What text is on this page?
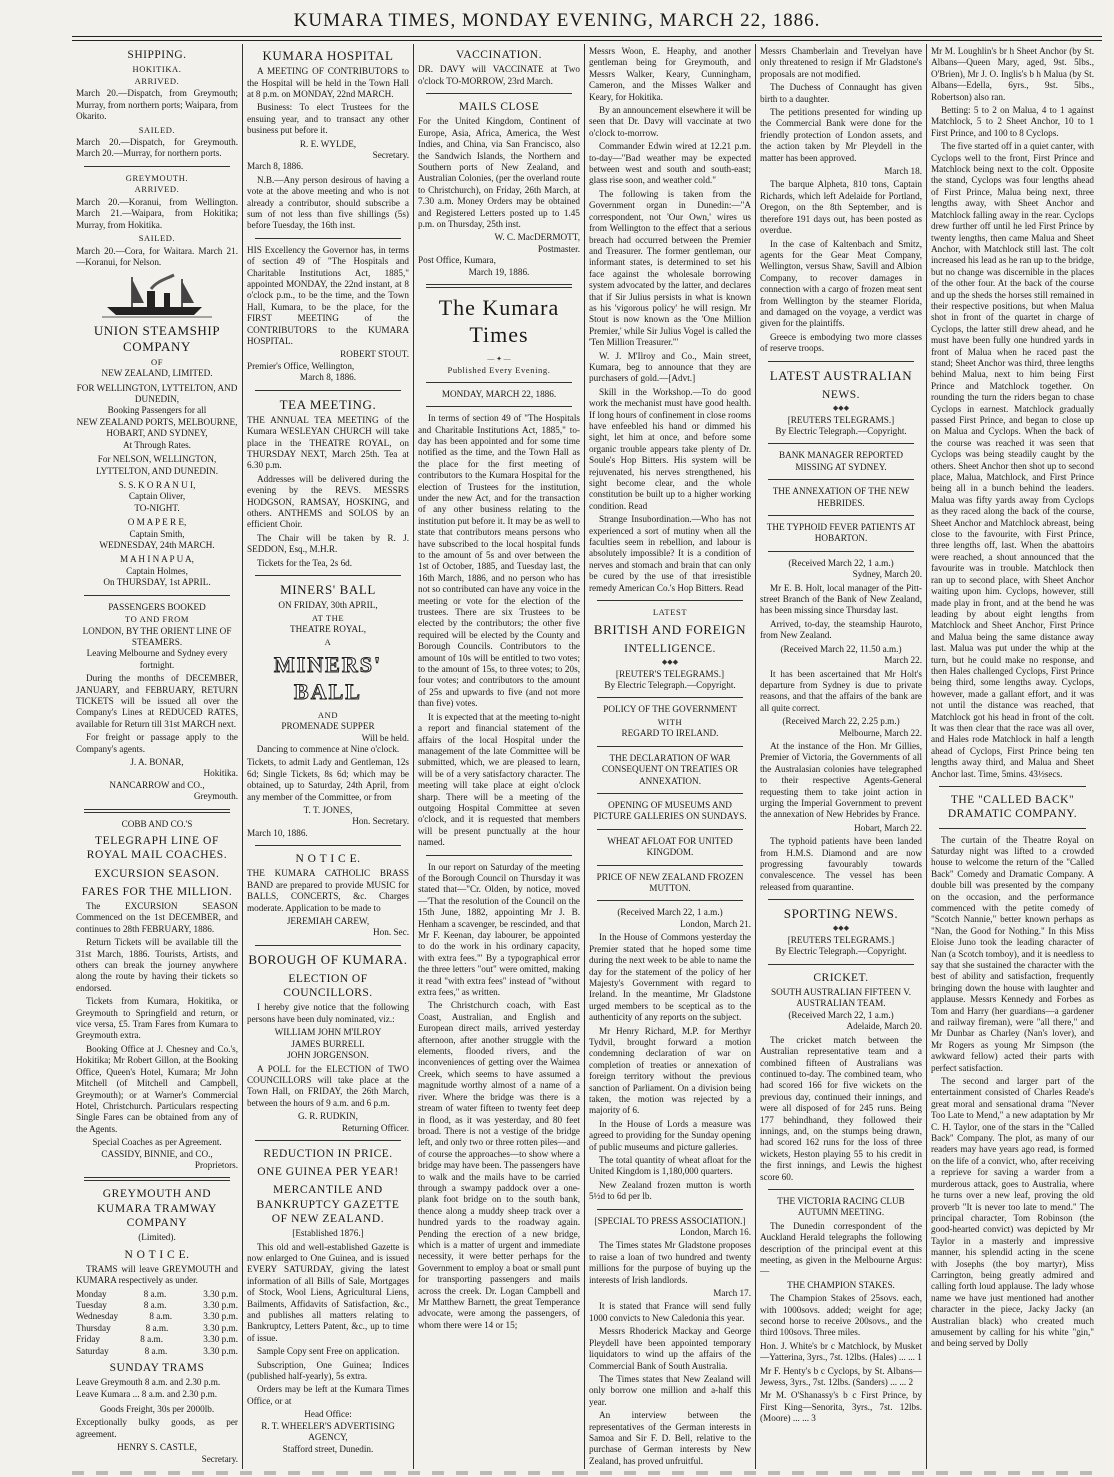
KUMARA TIMES, MONDAY EVENING, MARCH 22, 1886.
SHIPPING.
HOKITIKA.
ARRIVED.

March 20.—Dispatch, from Greymouth; Murray, from northern ports; Waipara, from Okarito.

SAILED.

March 20.—Dispatch, for Greymouth. March 20.—Murray, for northern ports.

GREYMOUTH.
ARRIVED.

March 20.—Koranui, from Wellington. March 21.—Waipara, from Hokitika; Murray, from Hokitika.

SAILED.

March 20.—Cora, for Waitara. March 21.—Koranui, for Nelson.

UNION STEAMSHIP COMPANY
OF
NEW ZEALAND, LIMITED.
FOR WELLINGTON, LYTTELTON, AND DUNEDIN,
Booking Passengers for all
NEW ZEALAND PORTS, MELBOURNE, HOBART, AND SYDNEY,
At Through Rates.
For NELSON, WELLINGTON, LYTTELTON, AND DUNEDIN.
S. S. K O R A N U I,
Captain Oliver,
TO-NIGHT.
O M A P E R E,
Captain Smith,
WEDNESDAY, 24th MARCH.
M A H I N A P U A,
Captain Holmes,
On THURSDAY, 1st APRIL.
PASSENGERS BOOKED
TO AND FROM
LONDON, BY THE ORIENT LINE OF STEAMERS.
Leaving Melbourne and Sydney every fortnight.

During the months of DECEMBER, JANUARY, and FEBRUARY, RETURN TICKETS will be issued all over the Company's Lines at REDUCED RATES, available for Return till 31st MARCH next.

For freight or passage apply to the Company's agents.

J. A. BONAR,
Hokitika.
NANCARROW and CO.,
Greymouth.
COBB AND CO.'S
TELEGRAPH LINE OF ROYAL MAIL COACHES.
EXCURSION SEASON.
FARES FOR THE MILLION.

The EXCURSION SEASON Commenced on the 1st DECEMBER, and continues to 28th FEBRUARY, 1886.

Return Tickets will be available till the 31st March, 1886. Tourists, Artists, and others can break the journey anywhere along the route by having their tickets so endorsed.

Tickets from Kumara, Hokitika, or Greymouth to Springfield and return, or vice versa, £5. Tram Fares from Kumara to Greymouth extra.

Booking Office at J. Chesney and Co.'s, Hokitika; Mr Robert Gillon, at the Booking Office, Queen's Hotel, Kumara; Mr John Mitchell (of Mitchell and Campbell, Greymouth); or at Warner's Commercial Hotel, Christchurch. Particulars respecting Single Fares can be obtained from any of the Agents.

Special Coaches as per Agreement.
CASSIDY, BINNIE, and CO.,
Proprietors.
GREYMOUTH AND KUMARA TRAMWAY COMPANY
(Limited).
N O T I C E.

TRAMS will leave GREYMOUTH and KUMARA respectively as under.

Monday	8 a.m.	3.30 p.m.
Tuesday	8 a.m.	3.30 p.m.
Wednesday	8 a.m.	3.30 p.m.
Thursday	8 a.m.	3.30 p.m.
Friday	8 a.m.	3.30 p.m.
Saturday	8 a.m.	3.30 p.m.
SUNDAY TRAMS
Leave Greymouth 8 a.m. and 2.30 p.m.
Leave Kumara ... 8 a.m. and 2.30 p.m.
Goods Freight, 30s per 2000lb.

Exceptionally bulky goods, as per agreement.

HENRY S. CASTLE,
Secretary.
KUMARA HOSPITAL

A MEETING OF CONTRIBUTORS to the Hospital will be held in the Town Hall at 8 p.m. on MONDAY, 22nd MARCH.

Business: To elect Trustees for the ensuing year, and to transact any other business put before it.

R. E. WYLDE,
Secretary.
March 8, 1886.

N.B.—Any person desirous of having a vote at the above meeting and who is not already a contributor, should subscribe a sum of not less than five shillings (5s) before Tuesday, the 16th inst.

HIS Excellency the Governor has, in terms of section 49 of "The Hospitals and Charitable Institutions Act, 1885," appointed MONDAY, the 22nd instant, at 8 o'clock p.m., to be the time, and the Town Hall, Kumara, to be the place, for the FIRST MEETING of the CONTRIBUTORS to the KUMARA HOSPITAL.

ROBERT STOUT.
Premier's Office, Wellington,
March 8, 1886.
TEA MEETING.

THE ANNUAL TEA MEETING of the Kumara WESLEYAN CHURCH will take place in the THEATRE ROYAL, on THURSDAY NEXT, March 25th. Tea at 6.30 p.m.

Addresses will be delivered during the evening by the REVS. MESSRS HODGSON, RAMSAY, HOSKING, and others. ANTHEMS and SOLOS by an efficient Choir.

The Chair will be taken by R. J. SEDDON, Esq., M.H.R.

Tickets for the Tea, 2s 6d.

MINERS' BALL
ON FRIDAY, 30th APRIL,
AT THE
THEATRE ROYAL,
A
MINERS' BALL
AND
PROMENADE SUPPER
Will be held.
Dancing to commence at Nine o'clock.

Tickets, to admit Lady and Gentleman, 12s 6d; Single Tickets, 8s 6d; which may be obtained, up to Saturday, 24th April, from any member of the Committee, or from

T. T. JONES,
Hon. Secretary.
March 10, 1886.
N O T I C E.

THE KUMARA CATHOLIC BRASS BAND are prepared to provide MUSIC for BALLS, CONCERTS, &c. Charges moderate. Application to be made to

JEREMIAH CAREW,
Hon. Sec.
BOROUGH OF KUMARA.
ELECTION OF COUNCILLORS.

I hereby give notice that the following persons have been duly nominated, viz.:

WILLIAM JOHN M'ILROY
JAMES BURRELL
JOHN JORGENSON.

A POLL for the ELECTION of TWO COUNCILLORS will take place at the Town Hall, on FRIDAY, the 26th March, between the hours of 9 a.m. and 6 p.m.

G. R. RUDKIN,
Returning Officer.
REDUCTION IN PRICE.
ONE GUINEA PER YEAR!
MERCANTILE AND BANKRUPTCY GAZETTE OF NEW ZEALAND.
[Established 1876.]

This old and well-established Gazette is now enlarged to One Guinea, and is issued EVERY SATURDAY, giving the latest information of all Bills of Sale, Mortgages of Stock, Wool Liens, Agricultural Liens, Bailments, Affidavits of Satisfaction, &c., and publishes all matters relating to Bankruptcy, Letters Patent, &c., up to time of issue.

Sample Copy sent Free on application.

Subscription, One Guinea; Indices (published half-yearly), 5s extra.

Orders may be left at the Kumara Times Office, or at

Head Office:
R. T. WHEELER'S ADVERTISING AGENCY,
Stafford street, Dunedin.
VACCINATION.

DR. DAVY will VACCINATE at Two o'clock TO-MORROW, 23rd March.

MAILS CLOSE

For the United Kingdom, Continent of Europe, Asia, Africa, America, the West Indies, and China, via San Francisco, also the Sandwich Islands, the Northern and Southern ports of New Zealand, and Australian Colonies, (per the overland route to Christchurch), on Friday, 26th March, at 7.30 a.m. Money Orders may be obtained and Registered Letters posted up to 1.45 p.m. on Thursday, 25th inst.

W. C. MacDERMOTT,
Postmaster.
Post Office, Kumara,
March 19, 1886.
The Kumara Times
— ✦ —
Published Every Evening.
MONDAY, MARCH 22, 1886.

In terms of section 49 of "The Hospitals and Charitable Institutions Act, 1885," to-day has been appointed and for some time notified as the time, and the Town Hall as the place for the first meeting of contributors to the Kumara Hospital for the election of Trustees for the institution, under the new Act, and for the transaction of any other business relating to the institution put before it. It may be as well to state that contributors means persons who have subscribed to the local hospital funds to the amount of 5s and over between the 1st of October, 1885, and Tuesday last, the 16th March, 1886, and no person who has not so contributed can have any voice in the meeting or vote for the election of the trustees. There are six Trustees to be elected by the contributors; the other five required will be elected by the County and Borough Councils. Contributors to the amount of 10s will be entitled to two votes; to the amount of 15s, to three votes; to 20s, four votes; and contributors to the amount of 25s and upwards to five (and not more than five) votes.

It is expected that at the meeting to-night a report and financial statement of the affairs of the local Hospital under the management of the late Committee will be submitted, which, we are pleased to learn, will be of a very satisfactory character. The meeting will take place at eight o'clock sharp. There will be a meeting of the outgoing Hospital Committee at seven o'clock, and it is requested that members will be present punctually at the hour named.

In our report on Saturday of the meeting of the Borough Council on Thursday it was stated that—"Cr. Olden, by notice, moved—'That the resolution of the Council on the 15th June, 1882, appointing Mr J. B. Henham a scavenger, be rescinded, and that Mr F. Keenan, day labourer, be appointed to do the work in his ordinary capacity, with extra fees."' By a typographical error the three letters "out" were omitted, making it read "with extra fees" instead of "without extra fees," as written.

The Christchurch coach, with East Coast, Australian, and English and European direct mails, arrived yesterday afternoon, after another struggle with the elements, flooded rivers, and the inconveniences of getting over the Waimea Creek, which seems to have assumed a magnitude worthy almost of a name of a river. Where the bridge was there is a stream of water fifteen to twenty feet deep in flood, as it was yesterday, and 80 feet broad. There is not a vestige of the bridge left, and only two or three rotten piles—and of course the approaches—to show where a bridge may have been. The passengers have to walk and the mails have to be carried through a swampy paddock over a one-plank foot bridge on to the south bank, thence along a muddy sheep track over a hundred yards to the roadway again. Pending the erection of a new bridge, which is a matter of urgent and immediate necessity, it were better perhaps for the Government to employ a boat or small punt for transporting passengers and mails across the creek. Dr. Logan Campbell and Mr Matthew Barnett, the great Temperance advocate, were among the passengers, of whom there were 14 or 15;

Messrs Woon, E. Heaphy, and another gentleman being for Greymouth, and Messrs Walker, Keary, Cunningham, Cameron, and the Misses Walker and Keary, for Hokitika.

By an announcement elsewhere it will be seen that Dr. Davy will vaccinate at two o'clock to-morrow.

Commander Edwin wired at 12.21 p.m. to-day—"Bad weather may be expected between west and south and south-east; glass rise soon, and weather cold."

The following is taken from the Government organ in Dunedin:—"A correspondent, not 'Our Own,' wires us from Wellington to the effect that a serious breach had occurred between the Premier and Treasurer. The former gentleman, our informant states, is determined to set his face against the wholesale borrowing system advocated by the latter, and declares that if Sir Julius persists in what is known as his 'vigorous policy' he will resign. Mr Stout is now known as the 'One Million Premier,' while Sir Julius Vogel is called the 'Ten Million Treasurer.'"

W. J. M'Ilroy and Co., Main street, Kumara, beg to announce that they are purchasers of gold.—[Advt.]

Skill in the Workshop.—To do good work the mechanist must have good health. If long hours of confinement in close rooms have enfeebled his hand or dimmed his sight, let him at once, and before some organic trouble appears take plenty of Dr. Soule's Hop Bitters. His system will be rejuvenated, his nerves strengthened, his sight become clear, and the whole constitution be built up to a higher working condition. Read

Strange Insubordination.—Who has not experienced a sort of mutiny when all the faculties seem in rebellion, and labour is absolutely impossible? It is a condition of nerves and stomach and brain that can only be cured by the use of that irresistible remedy American Co.'s Hop Bitters. Read

LATEST
BRITISH AND FOREIGN
INTELLIGENCE.
◆◆◆
[REUTER'S TELEGRAMS.]
By Electric Telegraph.—Copyright.
POLICY OF THE GOVERNMENT
WITH
REGARD TO IRELAND.
THE DECLARATION OF WAR CONSEQUENT ON TREATIES OR ANNEXATION.
OPENING OF MUSEUMS AND PICTURE GALLERIES ON SUNDAYS.
WHEAT AFLOAT FOR UNITED KINGDOM.
PRICE OF NEW ZEALAND FROZEN MUTTON.
(Received March 22, 1 a.m.)
London, March 21.

In the House of Commons yesterday the Premier stated that he hoped some time during the next week to be able to name the day for the statement of the policy of her Majesty's Government with regard to Ireland. In the meantime, Mr Gladstone urged members to be sceptical as to the authenticity of any reports on the subject.

Mr Henry Richard, M.P. for Merthyr Tydvil, brought forward a motion condemning declaration of war on completion of treaties or annexation of foreign territory without the previous sanction of Parliament. On a division being taken, the motion was rejected by a majority of 6.

In the House of Lords a measure was agreed to providing for the Sunday opening of public museums and picture galleries.

The total quantity of wheat afloat for the United Kingdom is 1,180,000 quarters.

New Zealand frozen mutton is worth 5½d to 6d per lb.

[SPECIAL TO PRESS ASSOCIATION.]
London, March 16.

The Times states Mr Gladstone proposes to raise a loan of two hundred and twenty millions for the purpose of buying up the interests of Irish landlords.

March 17.

It is stated that France will send fully 1000 convicts to New Caledonia this year.

Messrs Rhoderick Mackay and George Pleydell have been appointed temporary liquidators to wind up the affairs of the Commercial Bank of South Australia.

The Times states that New Zealand will only borrow one million and a-half this year.

An interview between the representatives of the German interests in Samoa and Sir F. D. Bell, relative to the purchase of German interests by New Zealand, has proved unfruitful.

Messrs Chamberlain and Trevelyan have only threatened to resign if Mr Gladstone's proposals are not modified.

The Duchess of Connaught has given birth to a daughter.

The petitions presented for winding up the Commercial Bank were done for the friendly protection of London assets, and the action taken by Mr Pleydell in the matter has been approved.

March 18.

The barque Alpheta, 810 tons, Captain Richards, which left Adelaide for Portland, Oregon, on the 8th September, and is therefore 191 days out, has been posted as overdue.

In the case of Kaltenbach and Smitz, agents for the Gear Meat Company, Wellington, versus Shaw, Savill and Albion Company, to recover damages in connection with a cargo of frozen meat sent from Wellington by the steamer Florida, and damaged on the voyage, a verdict was given for the plaintiffs.

Greece is embodying two more classes of reserve troops.

LATEST AUSTRALIAN
NEWS.
◆◆◆
[REUTERS TELEGRAMS.]
By Electric Telegraph.—Copyright.
BANK MANAGER REPORTED MISSING AT SYDNEY.
THE ANNEXATION OF THE NEW HEBRIDES.
THE TYPHOID FEVER PATIENTS AT HOBARTON.
(Received March 22, 1 a.m.)
Sydney, March 20.

Mr E. B. Holt, local manager of the Pitt-street Branch of the Bank of New Zealand, has been missing since Thursday last.

Arrived, to-day, the steamship Hauroto, from New Zealand.

(Received March 22, 11.50 a.m.)
March 22.

It has been ascertained that Mr Holt's departure from Sydney is due to private reasons, and that the affairs of the bank are all quite correct.

(Received March 22, 2.25 p.m.)
Melbourne, March 22.

At the instance of the Hon. Mr Gillies, Premier of Victoria, the Governments of all the Australasian colonies have telegraphed to their respective Agents-General requesting them to take joint action in urging the Imperial Government to prevent the annexation of New Hebrides by France.

Hobart, March 22.

The typhoid patients have been landed from H.M.S. Diamond and are now progressing favourably towards convalescence. The vessel has been released from quarantine.

SPORTING NEWS.
◆◆◆
[REUTERS TELEGRAMS.]
By Electric Telegraph.—Copyright.
CRICKET.
SOUTH AUSTRALIAN FIFTEEN V. AUSTRALIAN TEAM.
(Received March 22, 1 a.m.)
Adelaide, March 20.

The cricket match between the Australian representative team and a combined fifteen of Australians was continued to-day. The combined team, who had scored 166 for five wickets on the previous day, continued their innings, and were all disposed of for 245 runs. Being 177 behindhand, they followed their innings, and, on the stumps being drawn, had scored 162 runs for the loss of three wickets, Heston playing 55 to his credit in the first innings, and Lewis the highest score 60.

THE VICTORIA RACING CLUB AUTUMN MEETING.

The Dunedin correspondent of the Auckland Herald telegraphs the following description of the principal event at this meeting, as given in the Melbourne Argus:—

THE CHAMPION STAKES.

The Champion Stakes of 25sovs. each, with 1000sovs. added; weight for age; second horse to receive 200sovs., and the third 100sovs. Three miles.

Hon. J. White's br c Matchlock, by Musket—Yatterina, 3yrs., 7st. 12lbs. (Hales) ... ... 1

Mr F. Henty's b c Cyclops, by St. Albans—Jewess, 3yrs., 7st. 12lbs. (Sanders) ... ... 2

Mr M. O'Shanassy's b c First Prince, by First King—Senorita, 3yrs., 7st. 12lbs. (Moore) ... ... 3

Mr M. Loughlin's br h Sheet Anchor (by St. Albans—Queen Mary, aged, 9st. 5lbs., O'Brien), Mr J. O. Inglis's b h Malua (by St. Albans—Edella, 6yrs., 9st. 5lbs., Robertson) also ran.

Betting: 5 to 2 on Malua, 4 to 1 against Matchlock, 5 to 2 Sheet Anchor, 10 to 1 First Prince, and 100 to 8 Cyclops.

The five started off in a quiet canter, with Cyclops well to the front, First Prince and Matchlock being next to the colt. Opposite the stand, Cyclops was four lengths ahead of First Prince, Malua being next, three lengths away, with Sheet Anchor and Matchlock falling away in the rear. Cyclops drew further off until he led First Prince by twenty lengths, then came Malua and Sheet Anchor, with Matchlock still last. The colt increased his lead as he ran up to the bridge, but no change was discernible in the places of the other four. At the back of the course and up the sheds the horses still remained in their respective positions, but when Malua shot in front of the quartet in charge of Cyclops, the latter still drew ahead, and he must have been fully one hundred yards in front of Malua when he raced past the stand; Sheet Anchor was third, three lengths behind Malua, next to him being First Prince and Matchlock together. On rounding the turn the riders began to chase Cyclops in earnest. Matchlock gradually passed First Prince, and began to close up on Malua and Cyclops. When the back of the course was reached it was seen that Cyclops was being steadily caught by the others. Sheet Anchor then shot up to second place, Malua, Matchlock, and First Prince being all in a bunch behind the leaders. Malua was fifty yards away from Cyclops as they raced along the back of the course, Sheet Anchor and Matchlock abreast, being close to the favourite, with First Prince, three lengths off, last. When the abattoirs were reached, a shout announced that the favourite was in trouble. Matchlock then ran up to second place, with Sheet Anchor waiting upon him. Cyclops, however, still made play in front, and at the bend he was leading by about eight lengths from Matchlock and Sheet Anchor, First Prince and Malua being the same distance away last. Malua was put under the whip at the turn, but he could make no response, and then Hales challenged Cyclops, First Prince being third, some lengths away. Cyclops, however, made a gallant effort, and it was not until the distance was reached, that Matchlock got his head in front of the colt. It was then clear that the race was all over, and Hales rode Matchlock in half a length ahead of Cyclops, First Prince being ten lengths away third, and Malua and Sheet Anchor last. Time, 5mins. 43½secs.

THE "CALLED BACK" DRAMATIC COMPANY.

The curtain of the Theatre Royal on Saturday night was lifted to a crowded house to welcome the return of the "Called Back" Comedy and Dramatic Company. A double bill was presented by the company on the occasion, and the performance commenced with the petite comedy of "Scotch Nannie," better known perhaps as "Nan, the Good for Nothing." In this Miss Eloise Juno took the leading character of Nan (a Scotch tomboy), and it is needless to say that she sustained the character with the best of ability and satisfaction, frequently bringing down the house with laughter and applause. Messrs Kennedy and Forbes as Tom and Harry (her guardians—a gardener and railway fireman), were "all there," and Mr Dunbar as Charley (Nan's lover), and Mr Rogers as young Mr Simpson (the awkward fellow) acted their parts with perfect satisfaction.

The second and larger part of the entertainment consisted of Charles Reade's great moral and sensational drama "Never Too Late to Mend," a new adaptation by Mr C. H. Taylor, one of the stars in the "Called Back" Company. The plot, as many of our readers may have years ago read, is formed on the life of a convict, who, after receiving a reprieve for saving a warder from a murderous attack, goes to Australia, where he turns over a new leaf, proving the old proverb "It is never too late to mend." The principal character, Tom Robinson (the good-hearted convict) was depicted by Mr Taylor in a masterly and impressive manner, his splendid acting in the scene with Josephs (the boy martyr), Miss Carrington, being greatly admired and calling forth loud applause. The lady whose name we have just mentioned had another character in the piece, Jacky Jacky (an Australian black) who created much amusement by calling for his white "gin," and being served by Dolly
